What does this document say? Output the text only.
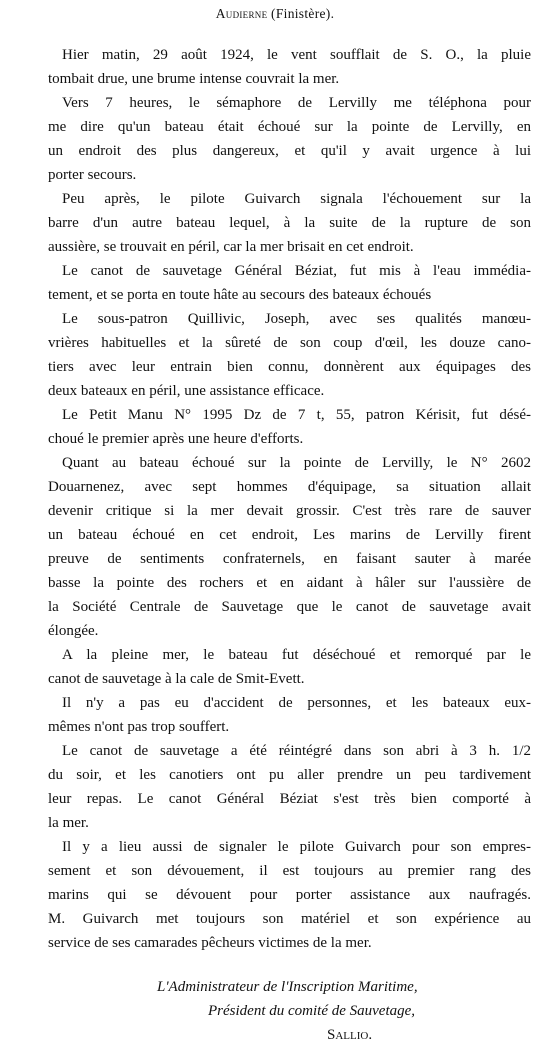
Audierne (Finistère).
Hier matin, 29 août 1924, le vent soufflait de S. O., la pluie
tombait drue, une brume intense couvrait la mer.
Vers 7 heures, le sémaphore de Lervilly me téléphona pour
me dire qu'un bateau était échoué sur la pointe de Lervilly, en
un endroit des plus dangereux, et qu'il y avait urgence à lui
porter secours.
Peu après, le pilote Guivarch signala l'échouement sur la
barre d'un autre bateau lequel, à la suite de la rupture de son
aussière, se trouvait en péril, car la mer brisait en cet endroit.
Le canot de sauvetage Général Béziat, fut mis à l'eau immédia-
tement, et se porta en toute hâte au secours des bateaux échoués
Le sous-patron Quillivic, Joseph, avec ses qualités manœu-
vrières habituelles et la sûreté de son coup d'œil, les douze cano-
tiers avec leur entrain bien connu, donnèrent aux équipages des
deux bateaux en péril, une assistance efficace.
Le Petit Manu N° 1995 Dz de 7 t, 55, patron Kérisit, fut désé-
choué le premier après une heure d'efforts.
Quant au bateau échoué sur la pointe de Lervilly, le N° 2602
Douarnenez, avec sept hommes d'équipage, sa situation allait
devenir critique si la mer devait grossir. C'est très rare de sauver
un bateau échoué en cet endroit, Les marins de Lervilly firent
preuve de sentiments confraternels, en faisant sauter à marée
basse la pointe des rochers et en aidant à hâler sur l'aussière de
la Société Centrale de Sauvetage que le canot de sauvetage avait
élongée.
A la pleine mer, le bateau fut déséchoué et remorqué par le
canot de sauvetage à la cale de Smit-Evett.
Il n'y a pas eu d'accident de personnes, et les bateaux eux-
mêmes n'ont pas trop souffert.
Le canot de sauvetage a été réintégré dans son abri à 3 h. 1/2
du soir, et les canotiers ont pu aller prendre un peu tardivement
leur repas. Le canot Général Béziat s'est très bien comporté à
la mer.
Il y a lieu aussi de signaler le pilote Guivarch pour son empres-
sement et son dévouement, il est toujours au premier rang des
marins qui se dévouent pour porter assistance aux naufragés.
M. Guivarch met toujours son matériel et son expérience au
service de ses camarades pêcheurs victimes de la mer.
L'Administrateur de l'Inscription Maritime,
Président du comité de Sauvetage,
Sallio.
